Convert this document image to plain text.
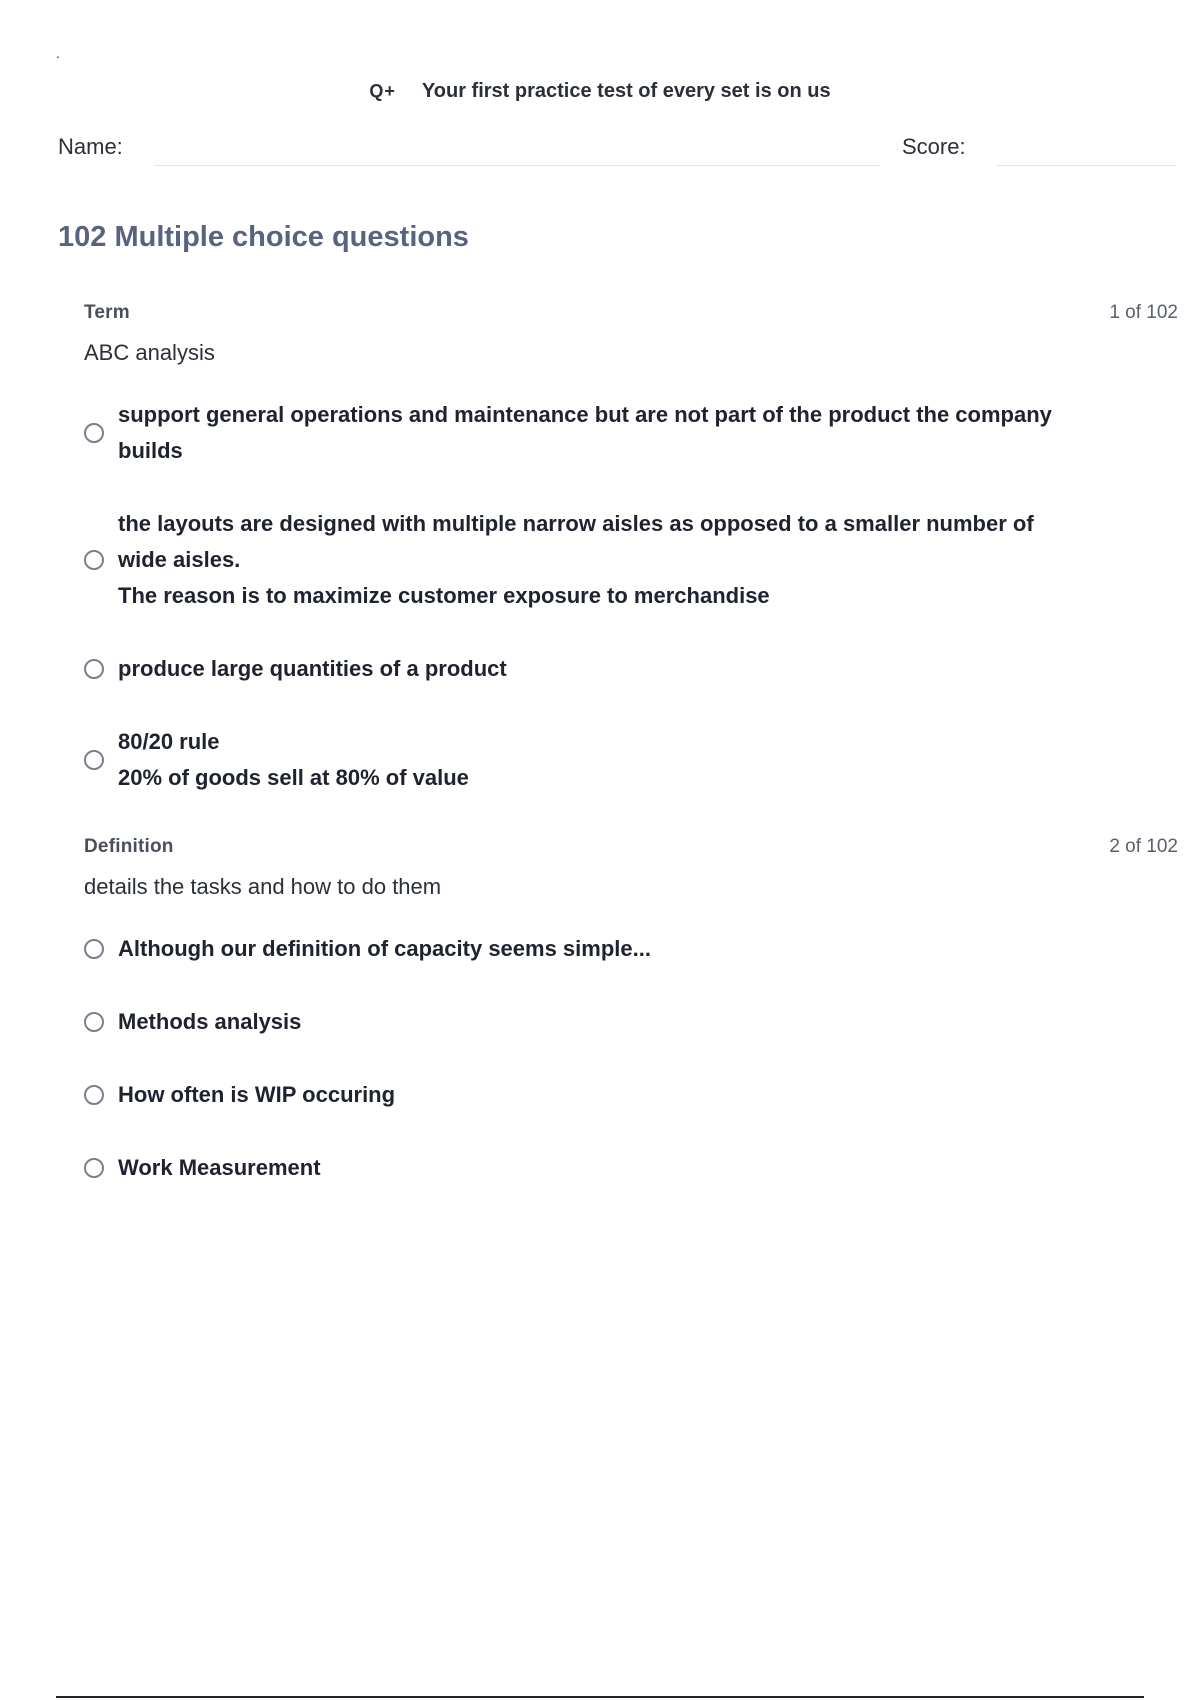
.
Q+ Your first practice test of every set is on us
Name:	Score:
102 Multiple choice questions
Term	1 of 102
ABC analysis
support general operations and maintenance but are not part of the product the company
builds
the layouts are designed with multiple narrow aisles as opposed to a smaller number of
wide aisles.
The reason is to maximize customer exposure to merchandise
produce large quantities of a product
80/20 rule
20% of goods sell at 80% of value
Definition	2 of 102
details the tasks and how to do them
Although our definition of capacity seems simple...
Methods analysis
How often is WIP occuring
Work Measurement
